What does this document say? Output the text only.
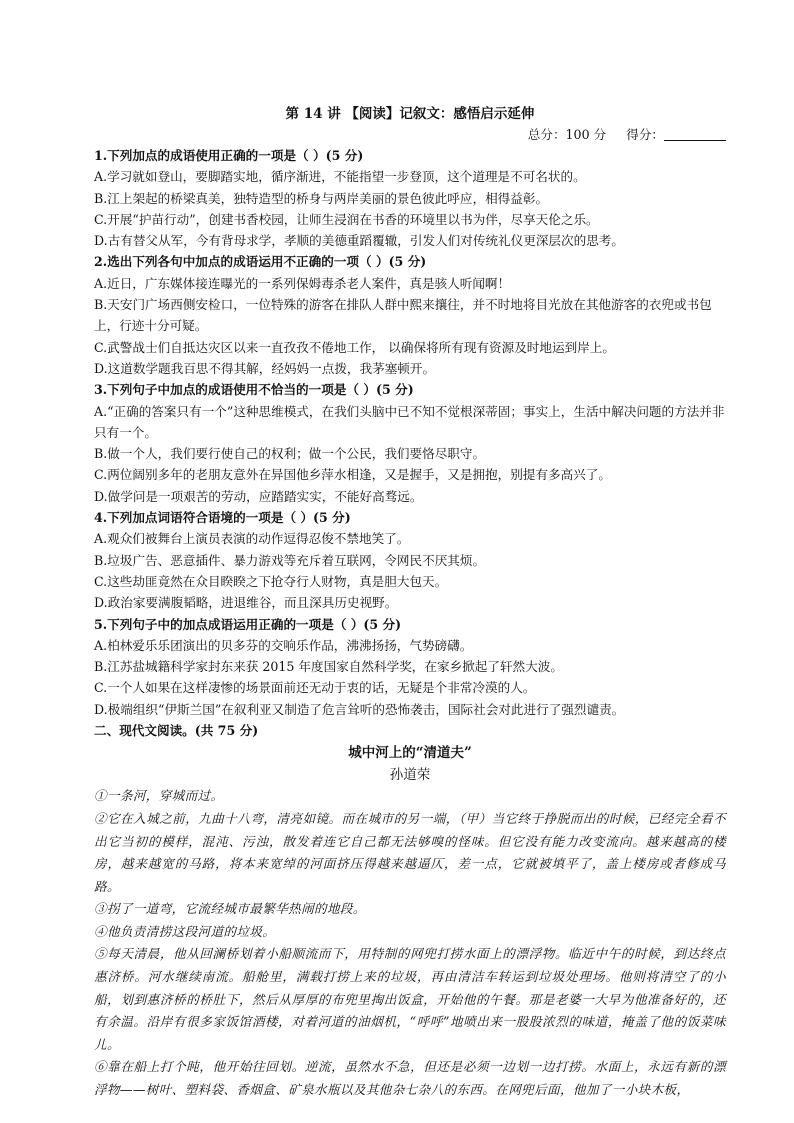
第 14 讲 【阅读】记叙文：感悟启示延伸
总分：100 分 得分：
1.下列加点的成语使用正确的一项是（ ）(5 分)
A.学习就如登山，要脚踏实地，循序渐进，不能指望一步登顶，这个道理是不可名状的。
B.江上架起的桥梁真美，独特造型的桥身与两岸美丽的景色彼此呼应，相得益彰。
C.开展“护苗行动”，创建书香校园，让师生浸润在书香的环境里以书为伴，尽享天伦之乐。
D.古有替父从军，今有背母求学，孝顺的美德重蹈覆辙，引发人们对传统礼仪更深层次的思考。
2.选出下列各句中加点的成语运用不正确的一项（ ）(5 分)
A.近日，广东媒体接连曝光的一系列保姆毒杀老人案件，真是骇人听闻啊！
B.天安门广场西侧安检口，一位特殊的游客在排队人群中熙来攘往，并不时地将目光放在其他游客的衣兜或书包上，行迹十分可疑。
C.武警战士们自抵达灾区以来一直孜孜不倦地工作， 以确保将所有现有资源及时地运到岸上。
D.这道数学题我百思不得其解，经妈妈一点拨，我茅塞顿开。
3.下列句子中加点的成语使用不恰当的一项是（ ）(5 分)
A.“正确的答案只有一个”这种思维模式，在我们头脑中已不知不觉根深蒂固；事实上，生活中解决问题的方法并非只有一个。
B.做一个人，我们要行使自己的权利；做一个公民，我们要恪尽职守。
C.两位阔别多年的老朋友意外在异国他乡萍水相逢，又是握手，又是拥抱，别提有多高兴了。
D.做学问是一项艰苦的劳动，应踏踏实实，不能好高骛远。
4.下列加点词语符合语境的一项是（ ）(5 分)
A.观众们被舞台上演员表演的动作逗得忍俊不禁地笑了。
B.垃圾广告、恶意插件、暴力游戏等充斥着互联网，令网民不厌其烦。
C.这些劫匪竟然在众目睽睽之下抢夺行人财物，真是胆大包天。
D.政治家要满腹韬略，进退维谷，而且深具历史视野。
5.下列句子中的加点成语运用正确的一项是（ ）(5 分)
A.柏林爱乐乐团演出的贝多芬的交响乐作品，沸沸扬扬，气势磅礴。
B.江苏盐城籍科学家封东来获 2015 年度国家自然科学奖，在家乡掀起了轩然大波。
C.一个人如果在这样凄惨的场景面前还无动于衷的话，无疑是个非常冷漠的人。
D.极端组织“伊斯兰国”在叙利亚又制造了危言耸听的恐怖袭击，国际社会对此进行了强烈谴责。
二、现代文阅读。(共 75 分)
城中河上的“清道夫”
孙道荣
①一条河，穿城而过。
②它在入城之前，九曲十八弯，清亮如镜。而在城市的另一端，（甲）当它终于挣脱而出的时候，已经完全看不出它当初的模样，混沌、污浊，散发着连它自己都无法够嗅的怪味。但它没有能力改变流向。越来越高的楼房，越来越宽的马路，将本来宽绰的河面挤压得越来越逼仄，差一点，它就被填平了，盖上楼房或者修成马路。
③拐了一道弯，它流经城市最繁华热闹的地段。
④他负责清捞这段河道的垃圾。
⑤每天清晨，他从回澜桥划着小船顺流而下，用特制的网兜打捞水面上的漂浮物。临近中午的时候，到达终点惠济桥。河水继续南流。船舱里，满载打捞上来的垃圾，再由清洁车转运到垃圾处理场。他则将清空了的小船，划到惠济桥的桥肚下，然后从厚厚的布兜里掏出饭盒，开始他的午餐。那是老婆一大早为他准备好的，还有余温。沿岸有很多家饭馆酒楼，对着河道的油烟机，“呼呼”地喷出来一股股浓烈的味道，掩盖了他的饭菜味儿。
⑥靠在船上打个盹，他开始往回划。逆流，虽然水不急，但还是必须一边划一边打捞。水面上，永远有新的漂浮物——树叶、塑料袋、香烟盒、矿泉水瓶以及其他杂七杂八的东西。在网兜后面，他加了一小块木板，
